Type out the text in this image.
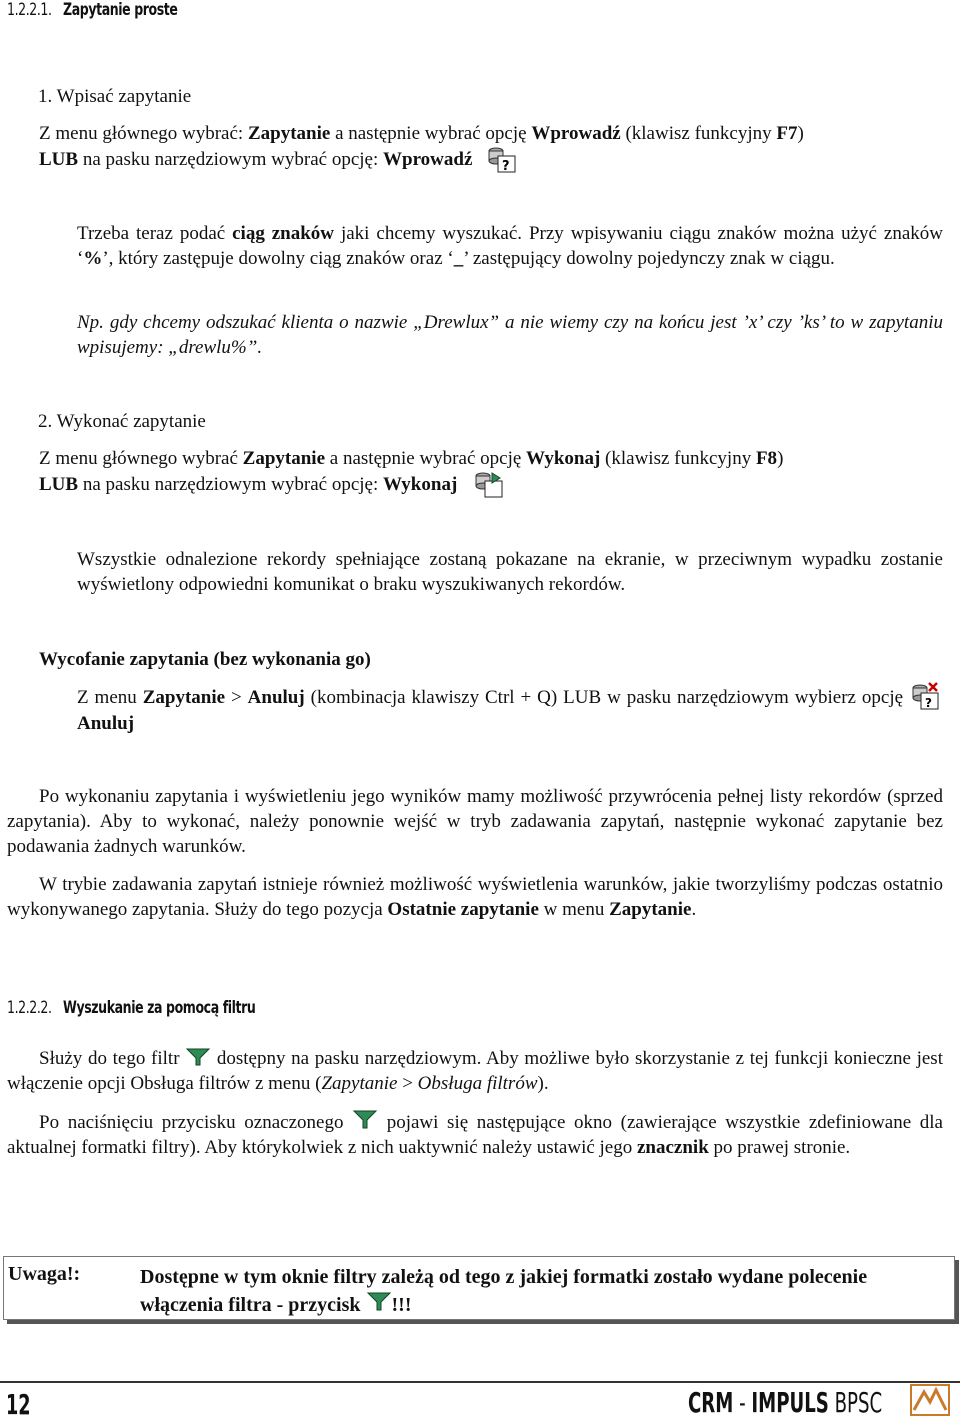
1.2.2.1. Zapytanie proste

1. Wpisać zapytanie

Z menu głównego wybrać: Zapytanie a następnie wybrać opcję Wprowadź (klawisz funkcyjny F7)
LUB na pasku narzędziowym wybrać opcję: Wprowadź ?

Trzeba teraz podać ciąg znaków jaki chcemy wyszukać. Przy wpisywaniu ciągu znaków można użyć znaków ‘%’, który zastępuje dowolny ciąg znaków oraz ‘_’ zastępujący dowolny pojedynczy znak w ciągu.

Np. gdy chcemy odszukać klienta o nazwie „Drewlux” a nie wiemy czy na końcu jest ’x’ czy ’ks’ to w zapytaniu wpisujemy: „drewlu%”.

2. Wykonać zapytanie

Z menu głównego wybrać Zapytanie a następnie wybrać opcję Wykonaj (klawisz funkcyjny F8)
LUB na pasku narzędziowym wybrać opcję: Wykonaj

Wszystkie odnalezione rekordy spełniające zostaną pokazane na ekranie, w przeciwnym wypadku zostanie wyświetlony odpowiedni komunikat o braku wyszukiwanych rekordów.

Wycofanie zapytania (bez wykonania go)

Z menu Zapytanie > Anuluj (kombinacja klawiszy Ctrl + Q) LUB w pasku narzędziowym wybierz opcję ?
Anuluj

Po wykonaniu zapytania i wyświetleniu jego wyników mamy możliwość przywrócenia pełnej listy rekordów (sprzed zapytania). Aby to wykonać, należy ponownie wejść w tryb zadawania zapytań, następnie wykonać zapytanie bez podawania żadnych warunków.

W trybie zadawania zapytań istnieje również możliwość wyświetlenia warunków, jakie tworzyliśmy podczas ostatnio wykonywanego zapytania. Służy do tego pozycja Ostatnie zapytanie w menu Zapytanie.

1.2.2.2. Wyszukanie za pomocą filtru

Służy do tego filtr  dostępny na pasku narzędziowym. Aby możliwe było skorzystanie z tej funkcji konieczne jest włączenie opcji Obsługa filtrów z menu (Zapytanie > Obsługa filtrów).

Po naciśnięciu przycisku oznaczonego  pojawi się następujące okno (zawierające wszystkie zdefiniowane dla aktualnej formatki filtry). Aby którykolwiek z nich uaktywnić należy ustawić jego znacznik po prawej stronie.

Uwaga!:	Dostępne w tym oknie filtry zależą od tego z jakiej formatki zostało wydane polecenie włączenia filtra - przycisk !!!
12	CRM - IMPULS BPSC
